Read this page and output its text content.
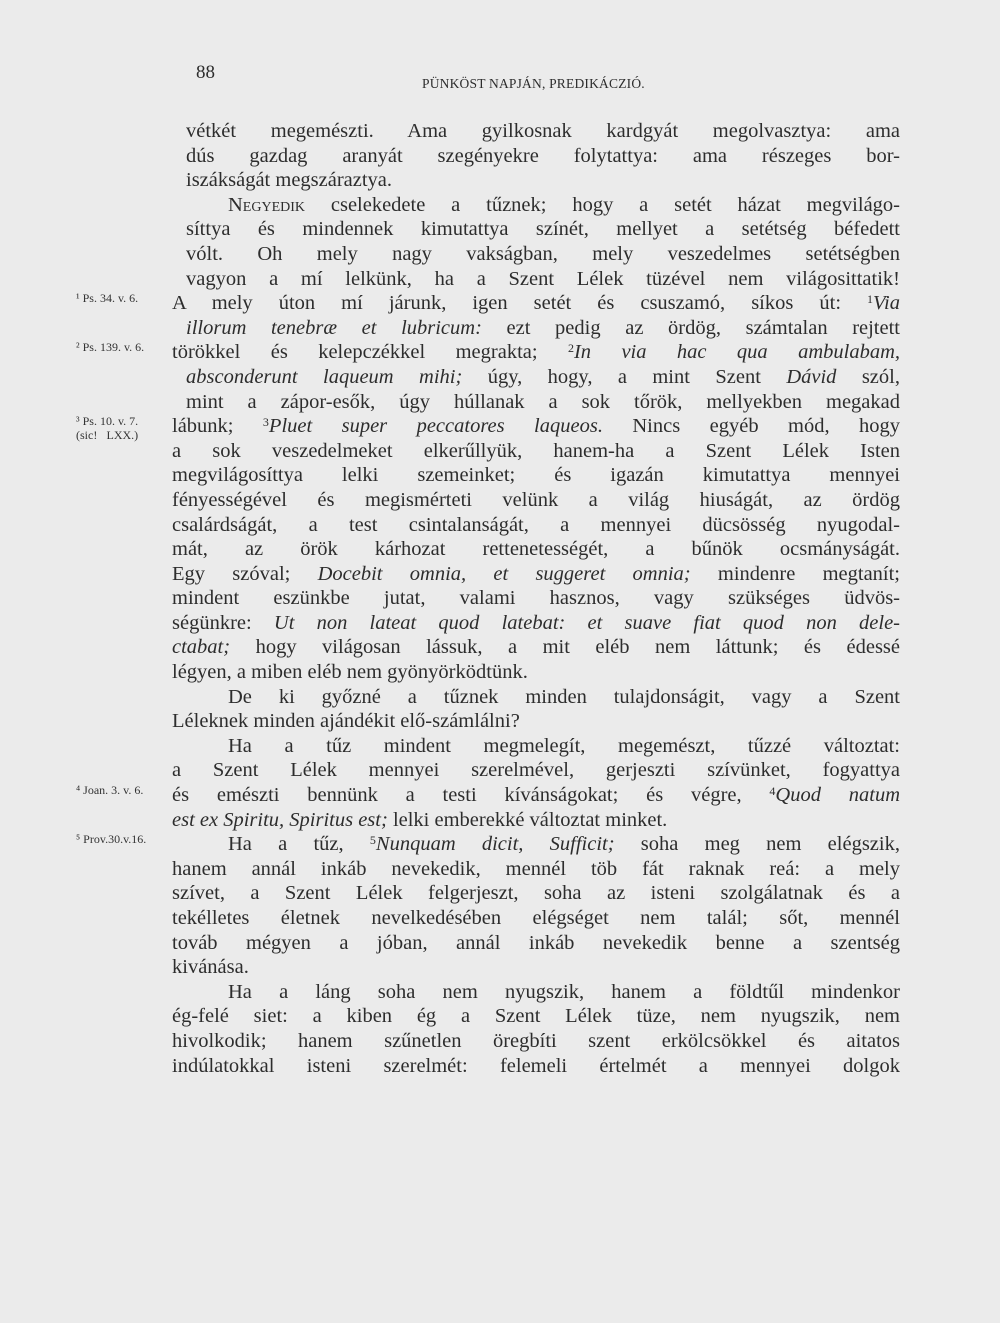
88
PÜNKÖST NAPJÁN, PREDIKÁCZIÓ.
vétkét megemészti. Ama gyilkosnak kardgyát megolvasztya: ama
dús gazdag aranyát szegényekre folytattya: ama részeges bor-
iszákságát megszáraztya.
Negyedik cselekedete a tűznek; hogy a setét házat megvilágo-
síttya és mindennek kimutattya színét, mellyet a setétség béfedett
vólt. Oh mely nagy vakságban, mely veszedelmes setétségben
vagyon a mí lelkünk, ha a Szent Lélek tüzével nem világosittatik!
A mely úton mí járunk, igen setét és csuszamó, síkos út: $^1$Via
¹ Ps. 34. v. 6.
illorum tenebræ et lubricum: ezt pedig az ördög, számtalan rejtett
törökkel és kelepczékkel megrakta; $^2$In via hac qua ambulabam,
² Ps. 139. v. 6.
absconderunt laqueum mihi; úgy, hogy, a mint Szent Dávid szól,
mint a zápor-esők, úgy húllanak a sok tőrök, mellyekben megakad
lábunk; $^3$Pluet super peccatores laqueos. Nincs egyéb mód, hogy
³ Ps. 10. v. 7.
(sic! LXX.)
a sok veszedelmeket elkerűllyük, hanem-ha a Szent Lélek Isten
megvilágosíttya lelki szemeinket; és igazán kimutattya mennyei
fényességével és megismérteti velünk a világ hiuságát, az ördög
csalárdságát, a test csintalanságát, a mennyei dücsösség nyugodal-
mát, az örök kárhozat rettenetességét, a bűnök ocsmányságát.
Egy szóval; Docebit omnia, et suggeret omnia; mindenre megtanít;
mindent eszünkbe jutat, valami hasznos, vagy szükséges üdvös-
ségünkre: Ut non lateat quod latebat: et suave fiat quod non dele-
ctabat; hogy világosan lássuk, a mit eléb nem láttunk; és édessé
légyen, a miben eléb nem gyönyörködtünk.
De ki győzné a tűznek minden tulajdonságit, vagy a Szent
Léleknek minden ajándékit elő-számlálni?
Ha a tűz mindent megmelegít, megemészt, tűzzé változtat:
a Szent Lélek mennyei szerelmével, gerjeszti szívünket, fogyattya
és emészti bennünk a testi kívánságokat; és végre, $^4$Quod natum
⁴ Joan. 3. v. 6.
est ex Spiritu, Spiritus est; lelki emberekké változtat minket.
Ha a tűz, $^5$Nunquam dicit, Sufficit; soha meg nem elégszik,
⁵ Prov.30.v.16.
hanem annál inkáb nevekedik, mennél töb fát raknak reá: a mely
szívet, a Szent Lélek felgerjeszt, soha az isteni szolgálatnak és a
tekélletes életnek nevelkedésében elégséget nem talál; sőt, mennél
továb mégyen a jóban, annál inkáb nevekedik benne a szentség
kivánása.
Ha a láng soha nem nyugszik, hanem a földtűl mindenkor
ég-felé siet: a kiben ég a Szent Lélek tüze, nem nyugszik, nem
hivolkodik; hanem szűnetlen öregbíti szent erkölcsökkel és aitatos
indúlatokkal isteni szerelmét: felemeli értelmét a mennyei dolgok
